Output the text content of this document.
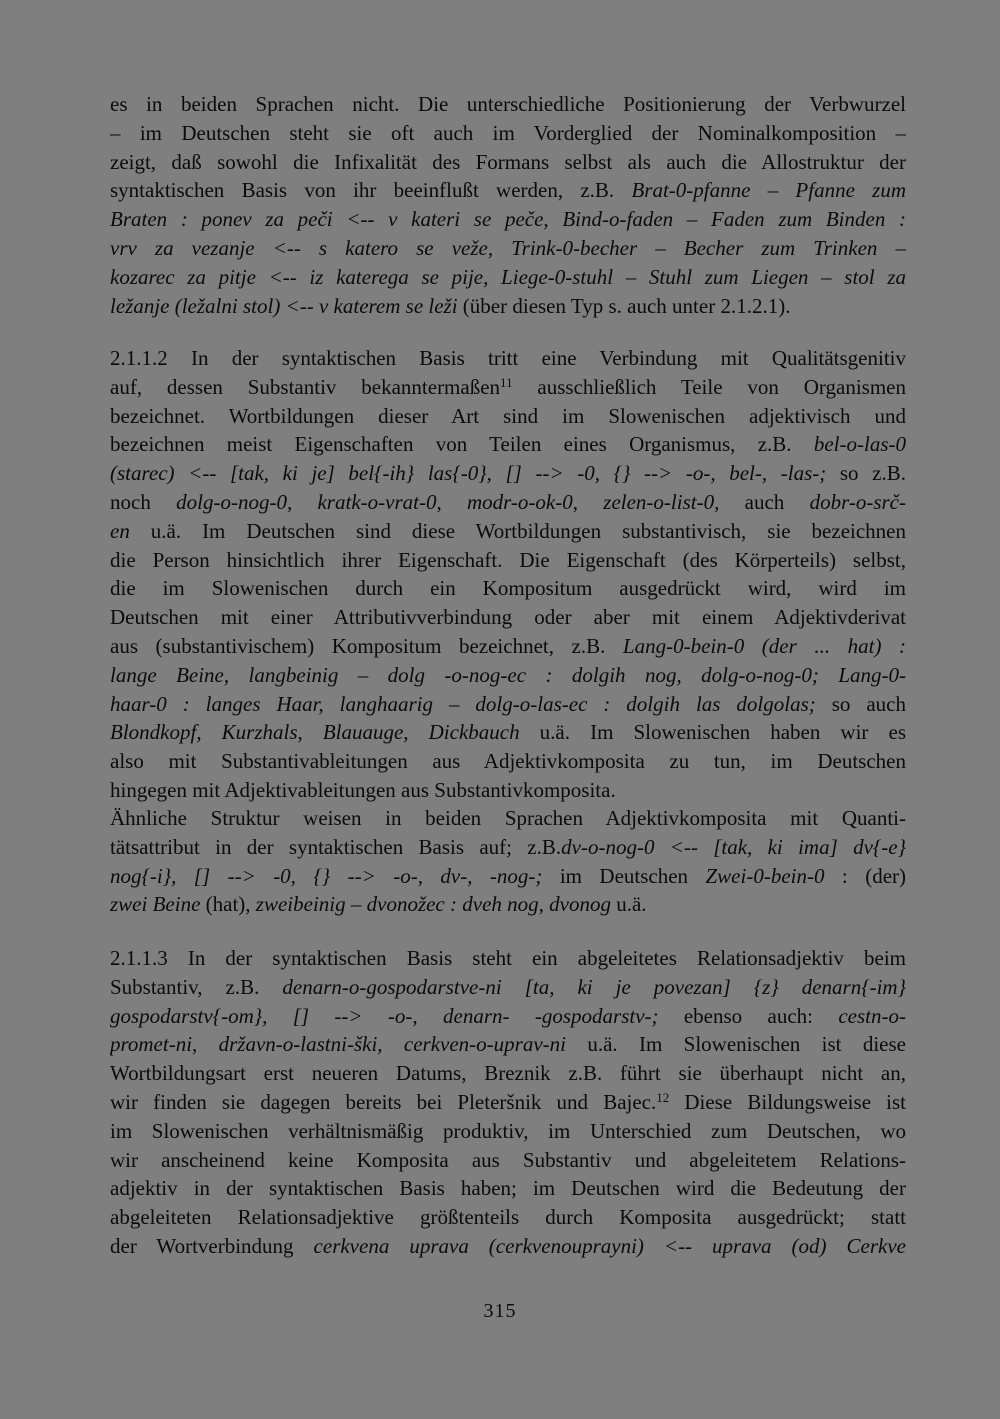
es in beiden Sprachen nicht. Die unterschiedliche Positionierung der Verbwurzel
– im Deutschen steht sie oft auch im Vorderglied der Nominalkomposition –
zeigt, daß sowohl die Infixalität des Formans selbst als auch die Allostruktur der
syntaktischen Basis von ihr beeinflußt werden, z.B. Brat-0-pfanne – Pfanne zum
Braten : ponev za peči <-- v kateri se peče, Bind-o-faden – Faden zum Binden :
vrv za vezanje <-- s katero se veže, Trink-0-becher – Becher zum Trinken –
kozarec za pitje <-- iz katerega se pije, Liege-0-stuhl – Stuhl zum Liegen – stol za
ležanje (ležalni stol) <-- v katerem se leži (über diesen Typ s. auch unter 2.1.2.1).
2.1.1.2 In der syntaktischen Basis tritt eine Verbindung mit Qualitätsgenitiv
auf, dessen Substantiv bekanntermaßen$^{11}$ ausschließlich Teile von Organismen
bezeichnet. Wortbildungen dieser Art sind im Slowenischen adjektivisch und
bezeichnen meist Eigenschaften von Teilen eines Organismus, z.B. bel-o-las-0
(starec) <-- [tak, ki je] bel{-ih} las{-0}, [] --> -0, {} --> -o-, bel-, -las-; so z.B.
noch dolg-o-nog-0, kratk-o-vrat-0, modr-o-ok-0, zelen-o-list-0, auch dobr-o-srč-
en u.ä. Im Deutschen sind diese Wortbildungen substantivisch, sie bezeichnen
die Person hinsichtlich ihrer Eigenschaft. Die Eigenschaft (des Körperteils) selbst,
die im Slowenischen durch ein Kompositum ausgedrückt wird, wird im
Deutschen mit einer Attributivverbindung oder aber mit einem Adjektivderivat
aus (substantivischem) Kompositum bezeichnet, z.B. Lang-0-bein-0 (der ... hat) :
lange Beine, langbeinig – dolg -o-nog-ec : dolgih nog, dolg-o-nog-0; Lang-0-
haar-0 : langes Haar, langhaarig – dolg-o-las-ec : dolgih las dolgolas; so auch
Blondkopf, Kurzhals, Blauauge, Dickbauch u.ä. Im Slowenischen haben wir es
also mit Substantivableitungen aus Adjektivkomposita zu tun, im Deutschen
hingegen mit Adjektivableitungen aus Substantivkomposita.
Ähnliche Struktur weisen in beiden Sprachen Adjektivkomposita mit Quanti-
tätsattribut in der syntaktischen Basis auf; z.B.dv-o-nog-0 <-- [tak, ki ima] dv{-e}
nog{-i}, [] --> -0, {} --> -o-, dv-, -nog-; im Deutschen Zwei-0-bein-0 : (der)
zwei Beine (hat), zweibeinig – dvonožec : dveh nog, dvonog u.ä.
2.1.1.3 In der syntaktischen Basis steht ein abgeleitetes Relationsadjektiv beim
Substantiv, z.B. denarn-o-gospodarstve-ni [ta, ki je povezan] {z} denarn{-im}
gospodarstv{-om}, [] --> -o-, denarn- -gospodarstv-; ebenso auch: cestn-o-
promet-ni, državn-o-lastni-ški, cerkven-o-uprav-ni u.ä. Im Slowenischen ist diese
Wortbildungsart erst neueren Datums, Breznik z.B. führt sie überhaupt nicht an,
wir finden sie dagegen bereits bei Pleteršnik und Bajec.$^{12}$ Diese Bildungsweise ist
im Slowenischen verhältnismäßig produktiv, im Unterschied zum Deutschen, wo
wir anscheinend keine Komposita aus Substantiv und abgeleitetem Relations-
adjektiv in der syntaktischen Basis haben; im Deutschen wird die Bedeutung der
abgeleiteten Relationsadjektive größtenteils durch Komposita ausgedrückt; statt
der Wortverbindung cerkvena uprava (cerkvenouprayni) <-- uprava (od) Cerkve
315
